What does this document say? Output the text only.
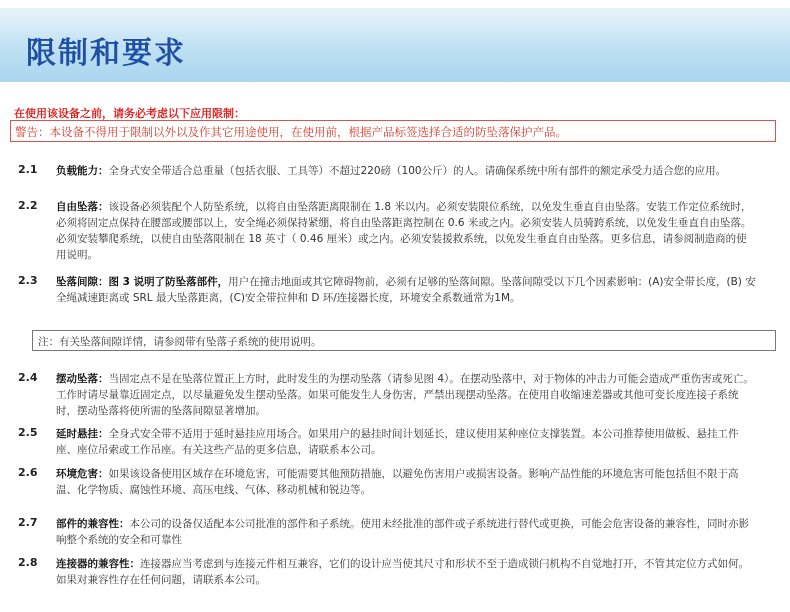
限制和要求
在使用该设备之前，请务必考虑以下应用限制：
警告：本设备不得用于限制以外以及作其它用途使用，在使用前，根据产品标签选择合适的防坠落保护产品。
2.1 负载能力：全身式安全带适合总重量（包括衣服、工具等）不超过220磅（100公斤）的人。请确保系统中所有部件的额定承受力适合您的应用。
2.2 自由坠落：该设备必须装配个人防坠系统，以将自由坠落距离限制在 1.8 米以内。必须安装限位系统，以免发生垂直自由坠落。安装工作定位系统时，必须将固定点保持在腰部或腰部以上，安全绳必须保持紧绷，将自由坠落距离控制在 0.6 米或之内。必须安装人员骑跨系统，以免发生垂直自由坠落。必须安装攀爬系统，以使自由坠落限制在 18 英寸（ 0.46 厘米）或之内。必须安装援救系统，以免发生垂直自由坠落。更多信息，请参阅制造商的使用说明。
2.3 坠落间隙：图 3 说明了防坠落部件，用户在撞击地面或其它障碍物前，必须有足够的坠落间隙。坠落间隙受以下几个因素影响：(A)安全带长度，(B) 安全绳减速距离或 SRL 最大坠落距离，(C)安全带拉伸和 D 环/连接器长度，环境安全系数通常为1M。
注：有关坠落间隙详情，请参阅带有坠落子系统的使用说明。
2.4 摆动坠落：当固定点不是在坠落位置正上方时，此时发生的为摆动坠落（请参见图 4）。在摆动坠落中，对于物体的冲击力可能会造成严重伤害或死亡。工作时请尽量靠近固定点，以尽量避免发生摆动坠落。如果可能发生人身伤害，严禁出现摆动坠落。在使用自收缩速差器或其他可变长度连接子系统时，摆动坠落将使所需的坠落间隙显著增加。
2.5 延时悬挂：全身式安全带不适用于延时悬挂应用场合。如果用户的悬挂时间计划延长，建议使用某种座位支撑装置。本公司推荐使用做板、悬挂工件座、座位吊索或工作吊座。有关这些产品的更多信息，请联系本公司。
2.6 环境危害：如果该设备使用区域存在环境危害，可能需要其他预防措施，以避免伤害用户或损害设备。影响产品性能的环境危害可能包括但不限于高温、化学物质、腐蚀性环境、高压电线、气体、移动机械和锐边等。
2.7 部件的兼容性：本公司的设备仅适配本公司批准的部件和子系统。使用未经批准的部件或子系统进行替代或更换，可能会危害设备的兼容性，同时亦影响整个系统的安全和可靠性
2.8 连接器的兼容性：连接器应当考虑到与连接元件相互兼容，它们的设计应当使其尺寸和形状不至于造成锁闩机构不自觉地打开，不管其定位方式如何。如果对兼容性存在任何问题，请联系本公司。
